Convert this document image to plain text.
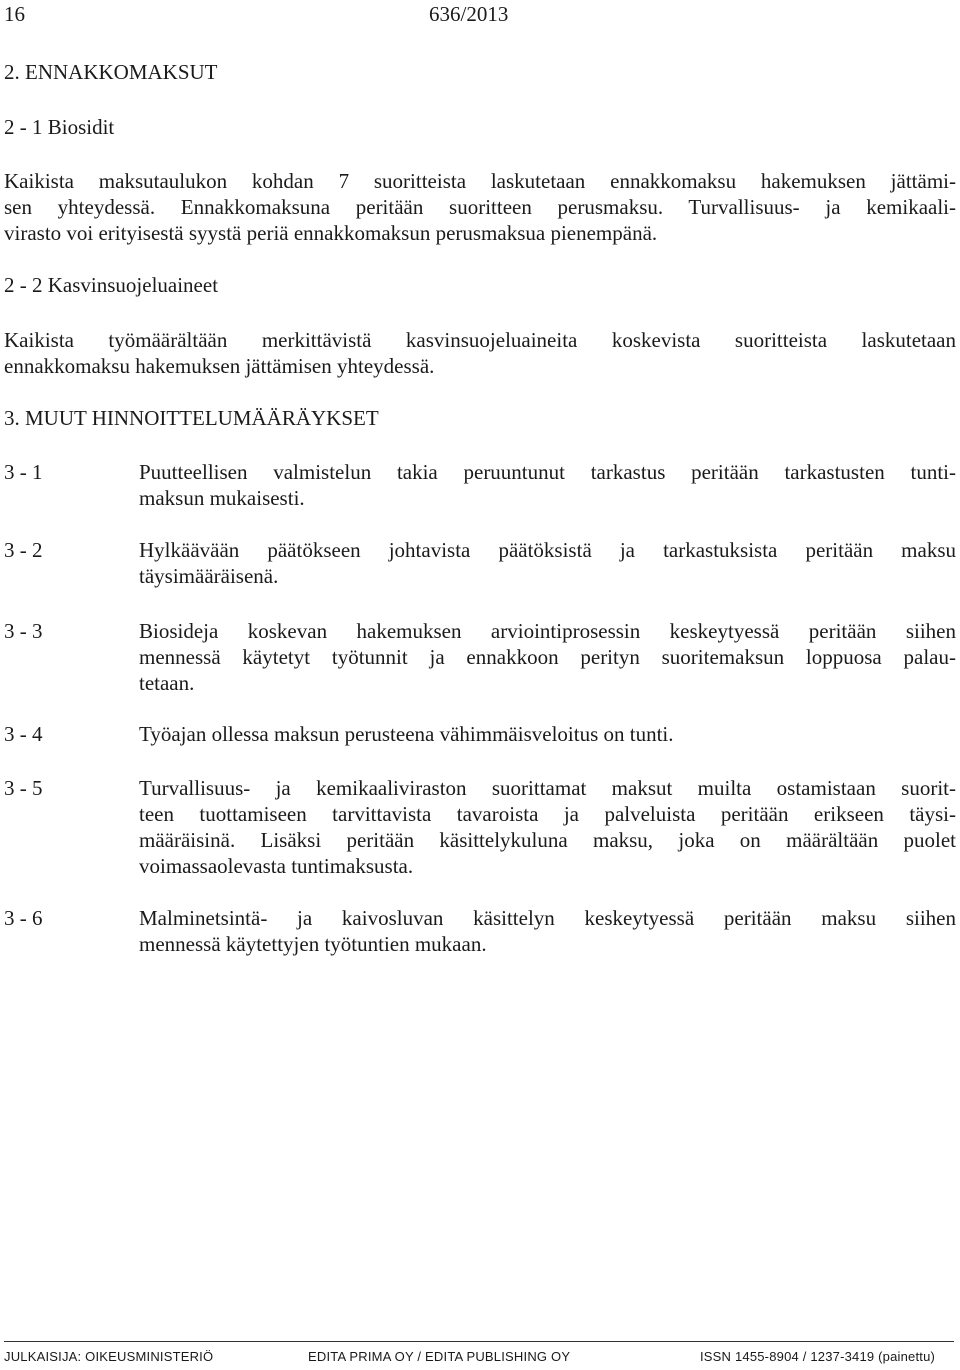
16	636/2013
2. ENNAKKOMAKSUT
2 - 1 Biosidit
Kaikista maksutaulukon kohdan 7 suoritteista laskutetaan ennakkomaksu hakemuksen jättämi-
sen yhteydessä. Ennakkomaksuna peritään suoritteen perusmaksu. Turvallisuus- ja kemikaali-
virasto voi erityisestä syystä periä ennakkomaksun perusmaksua pienempänä.
2 - 2 Kasvinsuojeluaineet
Kaikista työmäärältään merkittävistä kasvinsuojeluaineita koskevista suoritteista laskutetaan
ennakkomaksu hakemuksen jättämisen yhteydessä.
3. MUUT HINNOITTELUMÄÄRÄYKSET
3 - 1	Puutteellisen valmistelun takia peruuntunut tarkastus peritään tarkastusten tunti-
maksun mukaisesti.
3 - 2	Hylkäävään päätökseen johtavista päätöksistä ja tarkastuksista peritään maksu
täysimääräisenä.
3 - 3	Biosideja koskevan hakemuksen arviointiprosessin keskeytyessä peritään siihen
mennessä käytetyt työtunnit ja ennakkoon perityn suoritemaksun loppuosa palau-
tetaan.
3 - 4	Työajan ollessa maksun perusteena vähimmäisveloitus on tunti.
3 - 5	Turvallisuus- ja kemikaaliviraston suorittamat maksut muilta ostamistaan suorit-
teen tuottamiseen tarvittavista tavaroista ja palveluista peritään erikseen täysi-
määräisinä. Lisäksi peritään käsittelykuluna maksu, joka on määrältään puolet
voimassaolevasta tuntimaksusta.
3 - 6	Malminetsintä- ja kaivosluvan käsittelyn keskeytyessä peritään maksu siihen
mennessä käytettyjen työtuntien mukaan.
JULKAISIJA: OIKEUSMINISTERIÖ	EDITA PRIMA OY / EDITA PUBLISHING OY	ISSN 1455-8904 / 1237-3419 (painettu)
